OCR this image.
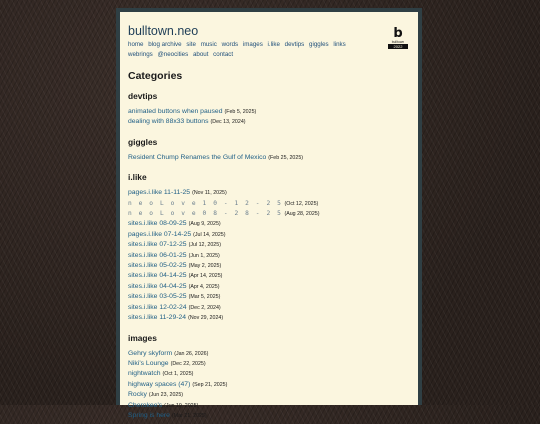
bulltown.neo
home blog archive site music words images i.like devtips giggles links webrings @neocities about contact
b
bulltown
2022
Categories
devtips
animated buttons when paused (Feb 5, 2025)
dealing with 88x33 buttons (Dec 13, 2024)
giggles
Resident Chump Renames the Gulf of Mexico (Feb 25, 2025)
i.like
pages.i.like 11-11-25 (Nov 11, 2025)
n e o L o v e 1 0 - 1 2 - 2 5 (Oct 12, 2025)
n e o L o v e 0 8 - 2 8 - 2 5 (Aug 28, 2025)
sites.i.like 08-09-25 (Aug 9, 2025)
pages.i.like 07-14-25 (Jul 14, 2025)
sites.i.like 07-12-25 (Jul 12, 2025)
sites.i.like 06-01-25 (Jun 1, 2025)
sites.i.like 05-02-25 (May 2, 2025)
sites.i.like 04-14-25 (Apr 14, 2025)
sites.i.like 04-04-25 (Apr 4, 2025)
sites.i.like 03-05-25 (Mar 5, 2025)
sites.i.like 12-02-24 (Dec 2, 2024)
sites.i.like 11-29-24 (Nov 29, 2024)
images
Gehry skyform (Jan 26, 2026)
Niki's Lounge (Dec 22, 2025)
nightwatch (Oct 1, 2025)
highway spaces (47) (Sep 21, 2025)
Rocky (Jun 23, 2025)
Cherokee's (Jun 19, 2025)
Spring is here (Mar 21, 2025)
